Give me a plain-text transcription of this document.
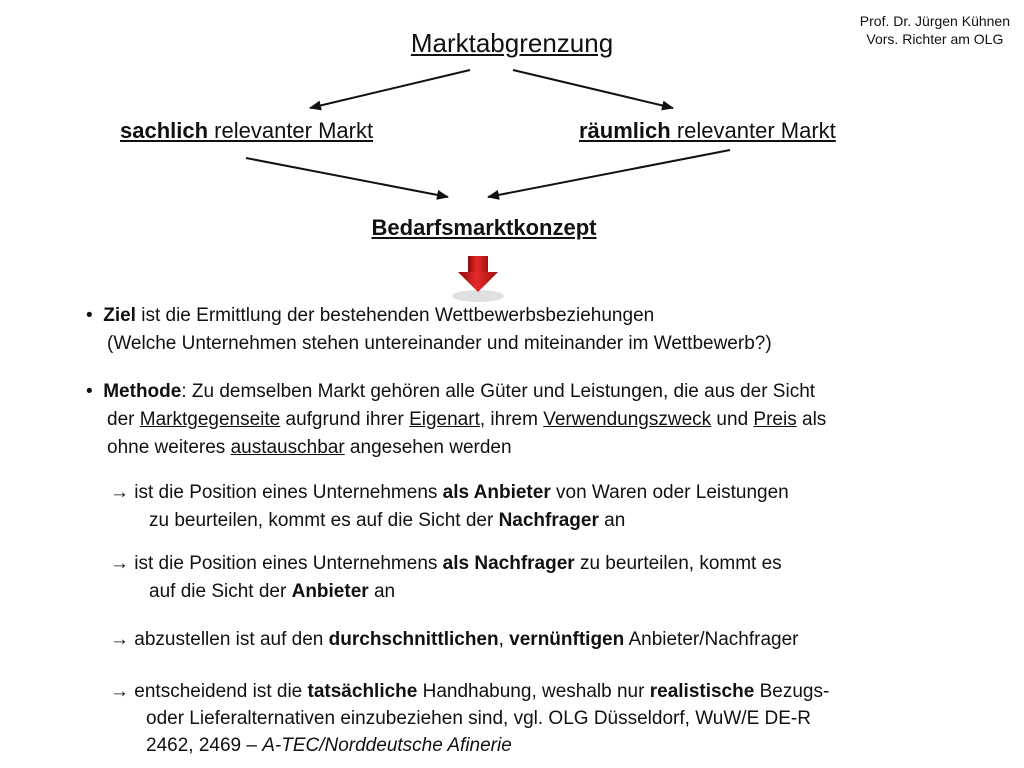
Prof. Dr. Jürgen Kühnen
Vors. Richter am OLG
Marktabgrenzung
sachlich relevanter Markt	räumlich relevanter Markt
Bedarfsmarktkonzept
• Ziel ist die Ermittlung der bestehenden Wettbewerbsbeziehungen
(Welche Unternehmen stehen untereinander und miteinander im Wettbewerb?)
• Methode: Zu demselben Markt gehören alle Güter und Leistungen, die aus der Sicht
der Marktgegenseite aufgrund ihrer Eigenart, ihrem Verwendungszweck und Preis als
ohne weiteres austauschbar angesehen werden
→ ist die Position eines Unternehmens als Anbieter von Waren oder Leistungen
zu beurteilen, kommt es auf die Sicht der Nachfrager an
→ ist die Position eines Unternehmens als Nachfrager zu beurteilen, kommt es
auf die Sicht der Anbieter an
→ abzustellen ist auf den durchschnittlichen, vernünftigen Anbieter/Nachfrager
→ entscheidend ist die tatsächliche Handhabung, weshalb nur realistische Bezugs-
oder Lieferalternativen einzubeziehen sind, vgl. OLG Düsseldorf, WuW/E DE-R
2462, 2469 – A-TEC/Norddeutsche Afinerie
